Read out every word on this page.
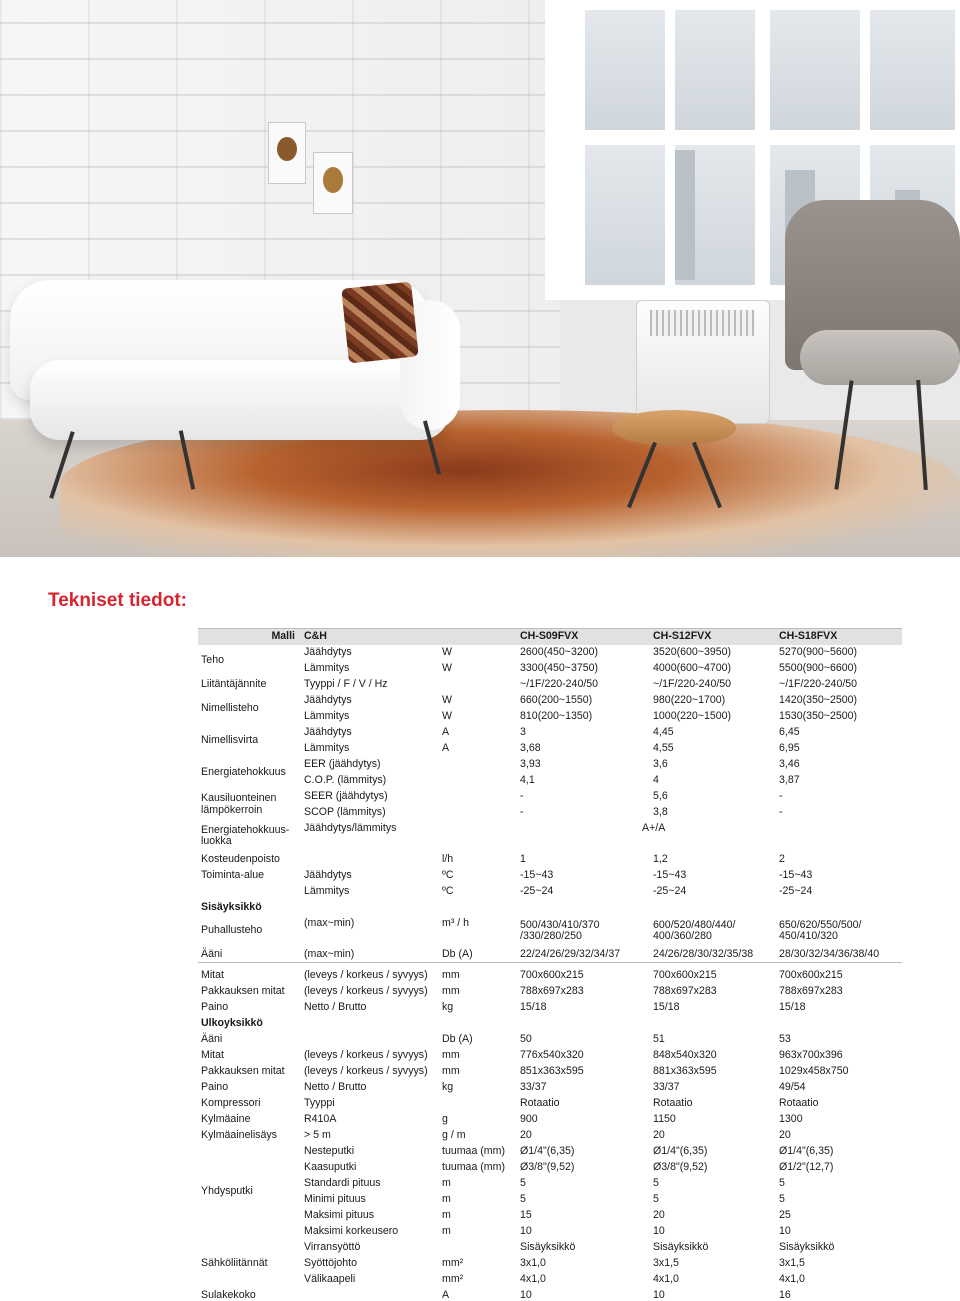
Tekniset tiedot:
Malli	C&H		CH-S09FVX	CH-S12FVX	CH-S18FVX
Teho	Jäähdytys	W	2600(450~3200)	3520(600~3950)	5270(900~5600)
	Lämmitys	W	3300(450~3750)	4000(600~4700)	5500(900~6600)
Liitäntäjännite	Tyyppi / F / V / Hz		~/1F/220-240/50	~/1F/220-240/50	~/1F/220-240/50
Nimellisteho	Jäähdytys	W	660(200~1550)	980(220~1700)	1420(350~2500)
	Lämmitys	W	810(200~1350)	1000(220~1500)	1530(350~2500)
Nimellisvirta	Jäähdytys	A	3	4,45	6,45
	Lämmitys	A	3,68	4,55	6,95
Energiatehokkuus	EER (jäähdytys)		3,93	3,6	3,46
	C.O.P. (lämmitys)		4,1	4	3,87
Kausiluonteinen lämpökerroin	SEER (jäähdytys)		-	5,6	-
	SCOP (lämmitys)		-	3,8	-
Energiatehokkuus-luokka	Jäähdytys/lämmitys		A+/A		
Kosteudenpoisto		l/h	1	1,2	2
Toiminta-alue	Jäähdytys	ºC	-15~43	-15~43	-15~43
	Lämmitys	ºC	-25~24	-25~24	-25~24
Sisäyksikkö					
Puhallusteho	(max~min)	m³ / h	500/430/410/370 /330/280/250	600/520/480/440/ 400/360/280	650/620/550/500/ 450/410/320
Ääni	(max~min)	Db (A)	22/24/26/29/32/34/37	24/26/28/30/32/35/38	28/30/32/34/36/38/40

Mitat	(leveys / korkeus / syvyys)	mm	700x600x215	700x600x215	700x600x215
Pakkauksen mitat	(leveys / korkeus / syvyys)	mm	788x697x283	788x697x283	788x697x283
Paino	Netto / Brutto	kg	15/18	15/18	15/18
Ulkoyksikkö					
Ääni		Db (A)	50	51	53
Mitat	(leveys / korkeus / syvyys)	mm	776x540x320	848x540x320	963x700x396
Pakkauksen mitat	(leveys / korkeus / syvyys)	mm	851x363x595	881x363x595	1029x458x750
Paino	Netto / Brutto	kg	33/37	33/37	49/54
Kompressori	Tyyppi		Rotaatio	Rotaatio	Rotaatio
Kylmäaine	R410A	g	900	1150	1300
Kylmäainelisäys	> 5 m	g / m	20	20	20
Yhdysputki	Nesteputki	tuumaa (mm)	Ø1/4"(6,35)	Ø1/4"(6,35)	Ø1/4"(6,35)
	Kaasuputki	tuumaa (mm)	Ø3/8"(9,52)	Ø3/8"(9,52)	Ø1/2"(12,7)
	Standardi pituus	m	5	5	5
	Minimi pituus	m	5	5	5
	Maksimi pituus	m	15	20	25
	Maksimi korkeusero	m	10	10	10
Sähköliitännät	Virransyöttö		Sisäyksikkö	Sisäyksikkö	Sisäyksikkö
	Syöttöjohto	mm²	3x1,0	3x1,5	3x1,5
	Välikaapeli	mm²	4x1,0	4x1,0	4x1,0
Sulakekoko		A	10	10	16
